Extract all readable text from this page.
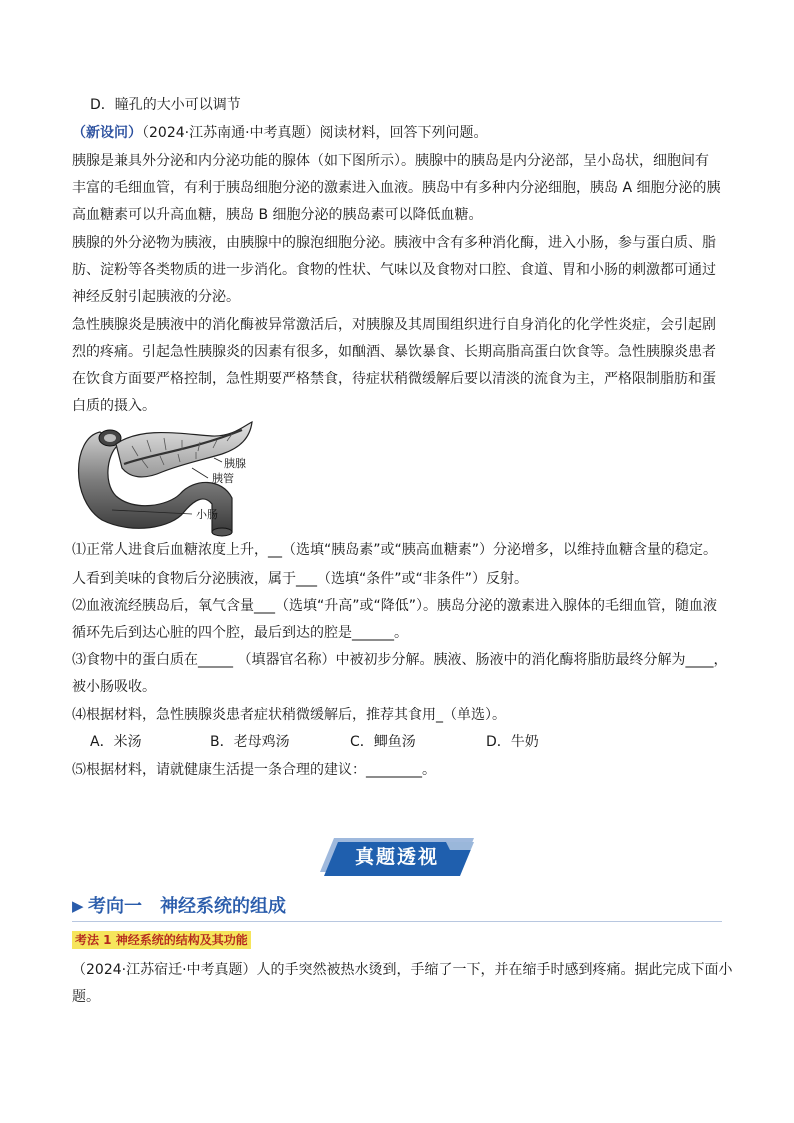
D．瞳孔的大小可以调节
（新设问）（2024·江苏南通·中考真题）阅读材料，回答下列问题。
胰腺是兼具外分泌和内分泌功能的腺体（如下图所示）。胰腺中的胰岛是内分泌部，呈小岛状，细胞间有
丰富的毛细血管，有利于胰岛细胞分泌的激素进入血液。胰岛中有多种内分泌细胞，胰岛 A 细胞分泌的胰
高血糖素可以升高血糖，胰岛 B 细胞分泌的胰岛素可以降低血糖。
胰腺的外分泌物为胰液，由胰腺中的腺泡细胞分泌。胰液中含有多种消化酶，进入小肠，参与蛋白质、脂
肪、淀粉等各类物质的进一步消化。食物的性状、气味以及食物对口腔、食道、胃和小肠的刺激都可通过
神经反射引起胰液的分泌。
急性胰腺炎是胰液中的消化酶被异常激活后，对胰腺及其周围组织进行自身消化的化学性炎症，会引起剧
烈的疼痛。引起急性胰腺炎的因素有很多，如酗酒、暴饮暴食、长期高脂高蛋白饮食等。急性胰腺炎患者
在饮食方面要严格控制，急性期要严格禁食，待症状稍微缓解后要以清淡的流食为主，严格限制脂肪和蛋
白质的摄入。
胰腺
胰管
小肠
⑴正常人进食后血糖浓度上升，__（选填“胰岛素”或“胰高血糖素”）分泌增多，以维持血糖含量的稳定。
人看到美味的食物后分泌胰液，属于___（选填“条件”或“非条件”）反射。
⑵血液流经胰岛后，氧气含量___（选填“升高”或“降低”）。胰岛分泌的激素进入腺体的毛细血管，随血液
循环先后到达心脏的四个腔，最后到达的腔是______。
⑶食物中的蛋白质在_____ （填器官名称）中被初步分解。胰液、肠液中的消化酶将脂肪最终分解为____，
被小肠吸收。
⑷根据材料，急性胰腺炎患者症状稍微缓解后，推荐其食用_（单选）。
A．米汤	B．老母鸡汤	C．鲫鱼汤	D．牛奶
⑸根据材料，请就健康生活提一条合理的建议：________。
真题透视
▶ 考向一　神经系统的组成
考法 1 神经系统的结构及其功能
（2024·江苏宿迁·中考真题）人的手突然被热水烫到，手缩了一下，并在缩手时感到疼痛。据此完成下面小
题。
